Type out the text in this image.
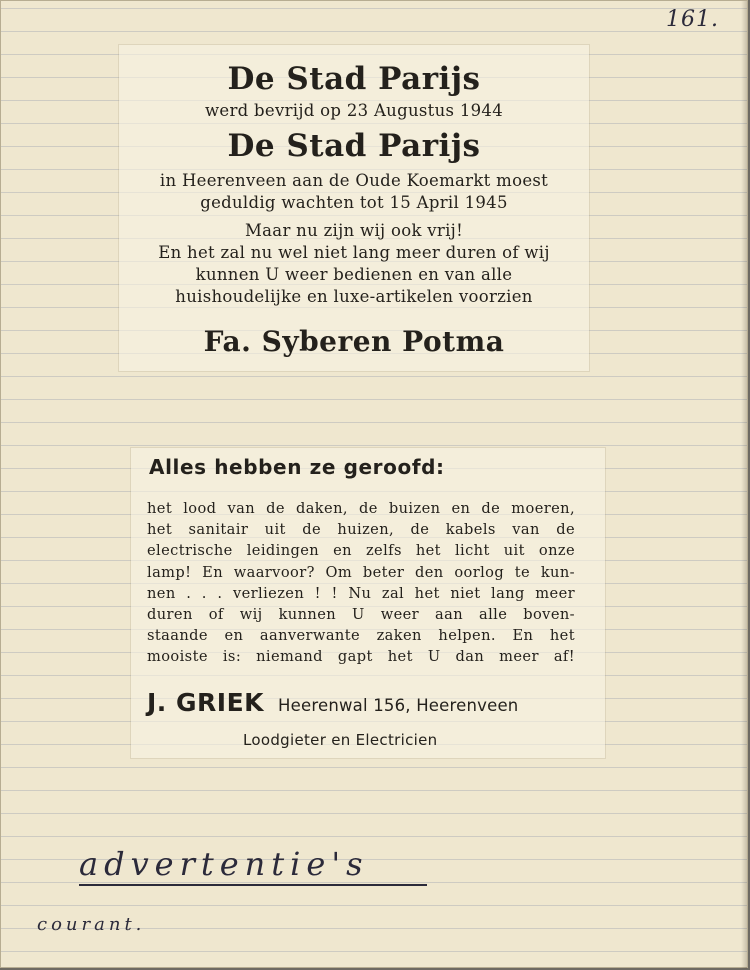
161.
De Stad Parijs
werd bevrijd op 23 Augustus 1944
De Stad Parijs
in Heerenveen aan de Oude Koemarkt moest
geduldig wachten tot 15 April 1945
Maar nu zijn wij ook vrij!
En het zal nu wel niet lang meer duren of wij
kunnen U weer bedienen en van alle
huishoudelijke en luxe-artikelen voorzien
Fa. Syberen Potma
Alles hebben ze geroofd:
het lood van de daken, de buizen en de moeren,
het sanitair uit de huizen, de kabels van de
electrische leidingen en zelfs het licht uit onze
lamp! En waarvoor? Om beter den oorlog te kun-
nen . . . verliezen ! ! Nu zal het niet lang meer
duren of wij kunnen U weer aan alle boven-
staande en aanverwante zaken helpen. En het
mooiste is: niemand gapt het U dan meer af!
J. GRIEK Heerenwal 156, Heerenveen
Loodgieter en Electricien
advertentie's
courant.
